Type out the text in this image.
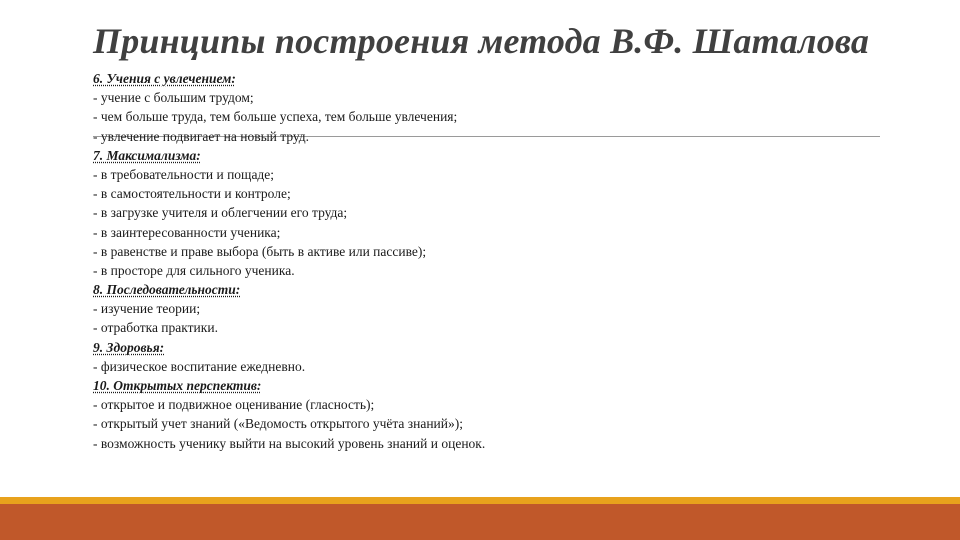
Принципы построения метода В.Ф. Шаталова
6. Учения с увлечением:
- учение с большим трудом;
- чем больше труда, тем больше успеха, тем больше увлечения;
- увлечение подвигает на новый труд.
7. Максимализма:
- в требовательности и пощаде;
- в самостоятельности и контроле;
- в загрузке учителя и облегчении его труда;
- в заинтересованности ученика;
- в равенстве и праве выбора (быть в активе или пассиве);
- в просторе для сильного ученика.
8. Последовательности:
- изучение теории;
- отработка практики.
9. Здоровья:
- физическое воспитание ежедневно.
10. Открытых перспектив:
- открытое и подвижное оценивание (гласность);
- открытый учет знаний («Ведомость открытого учёта знаний»);
- возможность ученику выйти на высокий уровень знаний и оценок.
